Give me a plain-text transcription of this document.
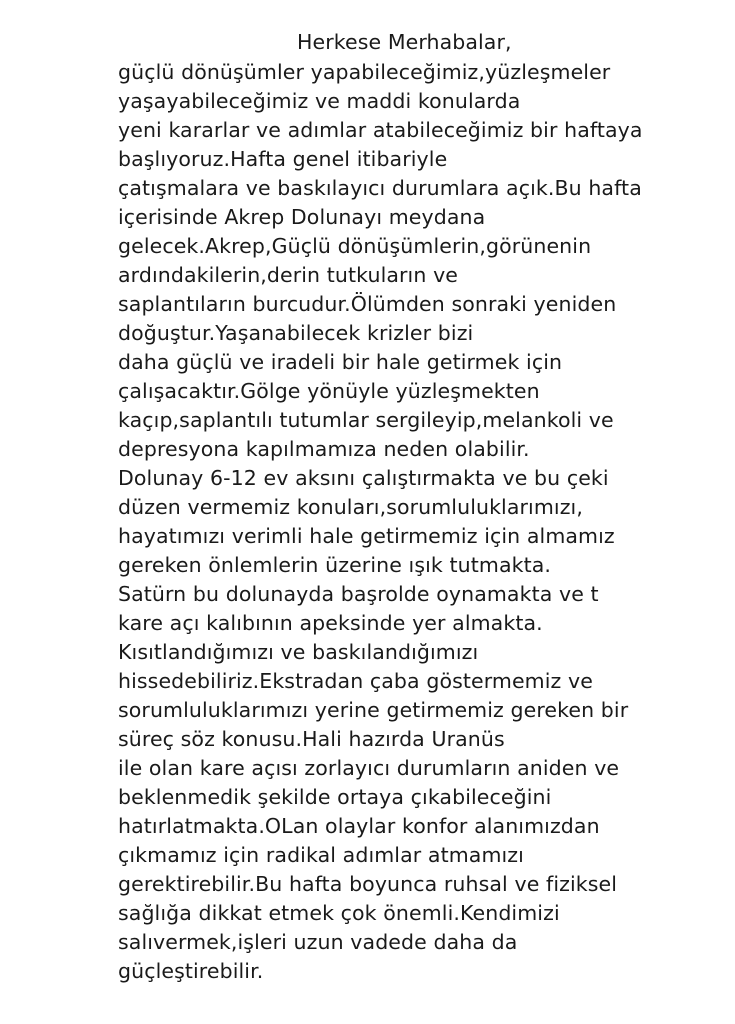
Herkese Merhabalar,
güçlü dönüşümler yapabileceğimiz,yüzleşmeler
yaşayabileceğimiz ve maddi konularda
yeni kararlar ve adımlar atabileceğimiz bir haftaya
başlıyoruz.Hafta genel itibariyle
çatışmalara ve baskılayıcı durumlara açık.Bu hafta
içerisinde Akrep Dolunayı meydana
gelecek.Akrep,Güçlü dönüşümlerin,görünenin
ardındakilerin,derin tutkuların ve
saplantıların burcudur.Ölümden sonraki yeniden
doğuştur.Yaşanabilecek krizler bizi
daha güçlü ve iradeli bir hale getirmek için
çalışacaktır.Gölge yönüyle yüzleşmekten
kaçıp,saplantılı tutumlar sergileyip,melankoli ve
depresyona kapılmamıza neden olabilir.
Dolunay 6-12 ev aksını çalıştırmakta ve bu çeki
düzen vermemiz konuları,sorumluluklarımızı,
hayatımızı verimli hale getirmemiz için almamız
gereken önlemlerin üzerine ışık tutmakta.
Satürn bu dolunayda başrolde oynamakta ve t
kare açı kalıbının apeksinde yer almakta.
Kısıtlandığımızı ve baskılandığımızı
hissedebiliriz.Ekstradan çaba göstermemiz ve
sorumluluklarımızı yerine getirmemiz gereken bir
süreç söz konusu.Hali hazırda Uranüs
ile olan kare açısı zorlayıcı durumların aniden ve
beklenmedik şekilde ortaya çıkabileceğini
hatırlatmakta.OLan olaylar konfor alanımızdan
çıkmamız için radikal adımlar atmamızı
gerektirebilir.Bu hafta boyunca ruhsal ve fiziksel
sağlığa dikkat etmek çok önemli.Kendimizi
salıvermek,işleri uzun vadede daha da
güçleştirebilir.
